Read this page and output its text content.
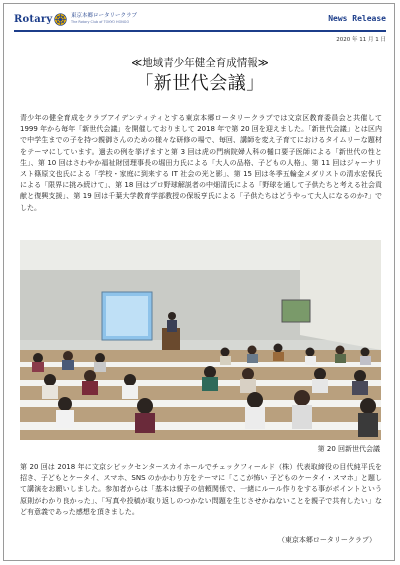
Rotary	東京本郷ロータリークラブ
The Rotary Club of TOKYO HONGO	News Release
2020 年 11 月 1 日
≪地域青少年健全育成情報≫
「新世代会議」
青少年の健全育成をクラブアイデンティティとする東京本郷ロータリークラブでは文京区教育委員会と共催して 1999 年から毎年「新世代会議」を開催しておりまして 2018 年で第 20 回を迎えました。「新世代会議」とは区内で中学生までの子を持つ親御さんのための様々な研修の場で、毎回、講師を変え子育てにおけるタイムリーな題材をテーマにしています。過去の例を挙げますと第 3 回は虎の門病院婦人科の樋口要子医師による「新世代の性と生」、第 10 回はさわやか福祉財団理事長の堀田力氏による「大人の品格、子どもの人格」、第 11 回はジャーナリスト篠原文也氏による「学校・家庭に到来する IT 社会の光と影」、第 15 回は冬季五輪金メダリストの清水宏保氏による「限界に挑み続けて」、第 18 回はプロ野球解説者の中畑清氏による「野球を通して子供たちと考える社会貢献と復興支援」、第 19 回は千葉大学教育学部教授の保坂亨氏による「子供たちはどうやって大人になるのか?」でした。
第 20 回新世代会議
第 20 回は 2018 年に文京シビックセンタースカイホールでチェックフィールド（株）代表取締役の目代純平氏を招き、子どもとケータイ、スマホ、SNS のかかわり方をテーマに「ここが怖い 子どものケータイ・スマホ」と題して講演をお願いしました。参加者からは「基本は親子の信頼関係で、一緒にルール作りをする事がポイントという原則がわかり良かった」、「写真や投稿が取り返しのつかない問題を生じさせかねないことを親子で共有したい」など有意義であった感想を頂きました。
（東京本郷ロータリークラブ）
